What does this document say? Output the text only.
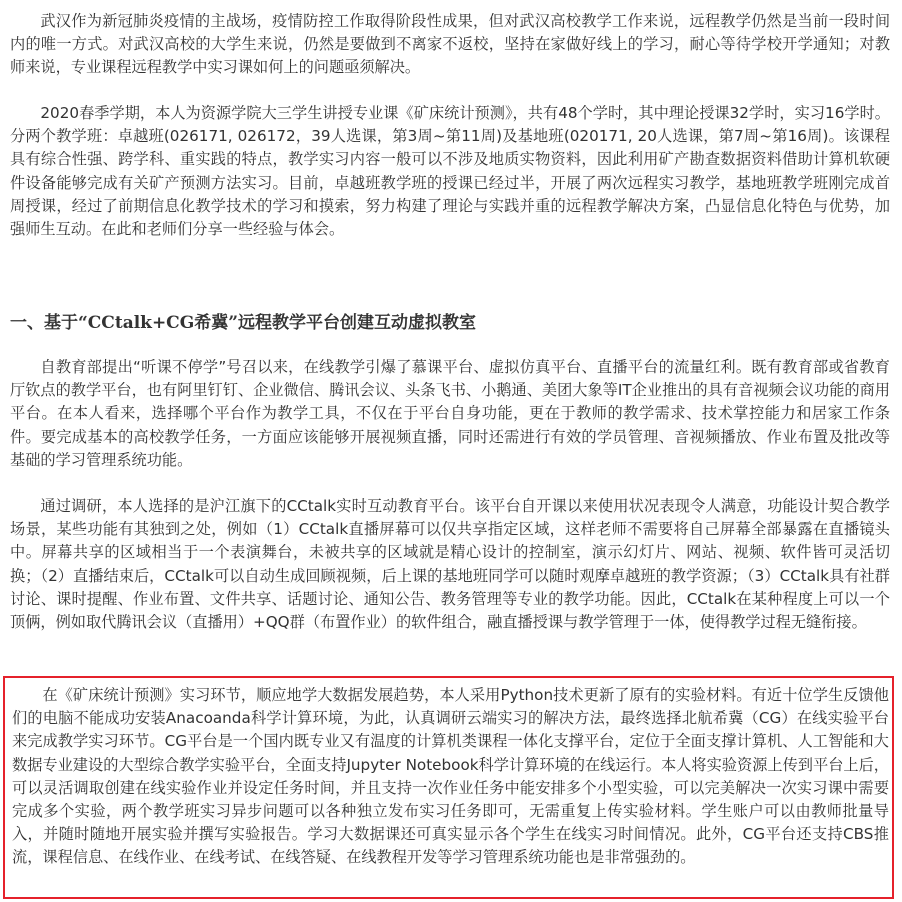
武汉作为新冠肺炎疫情的主战场，疫情防控工作取得阶段性成果，但对武汉高校教学工作来说，远程教学仍然是当前一段时间内的唯一方式。对武汉高校的大学生来说，仍然是要做到不离家不返校，坚持在家做好线上的学习，耐心等待学校开学通知；对教师来说，专业课程远程教学中实习课如何上的问题亟须解决。

2020春季学期，本人为资源学院大三学生讲授专业课《矿床统计预测》，共有48个学时，其中理论授课32学时，实习16学时。分两个教学班：卓越班(026171, 026172，39人选课，第3周~第11周)及基地班(020171, 20人选课，第7周~第16周)。该课程具有综合性强、跨学科、重实践的特点，教学实习内容一般可以不涉及地质实物资料，因此利用矿产勘查数据资料借助计算机软硬件设备能够完成有关矿产预测方法实习。目前，卓越班教学班的授课已经过半，开展了两次远程实习教学，基地班教学班刚完成首周授课，经过了前期信息化教学技术的学习和摸索，努力构建了理论与实践并重的远程教学解决方案，凸显信息化特色与优势，加强师生互动。在此和老师们分享一些经验与体会。

一、基于“CCtalk+CG希冀”远程教学平台创建互动虚拟教室

自教育部提出“听课不停学”号召以来，在线教学引爆了慕课平台、虚拟仿真平台、直播平台的流量红利。既有教育部或省教育厅钦点的教学平台，也有阿里钉钉、企业微信、腾讯会议、头条飞书、小鹅通、美团大象等IT企业推出的具有音视频会议功能的商用平台。在本人看来，选择哪个平台作为教学工具，不仅在于平台自身功能，更在于教师的教学需求、技术掌控能力和居家工作条件。要完成基本的高校教学任务，一方面应该能够开展视频直播，同时还需进行有效的学员管理、音视频播放、作业布置及批改等基础的学习管理系统功能。

通过调研，本人选择的是沪江旗下的CCtalk实时互动教育平台。该平台自开课以来使用状况表现令人满意，功能设计契合教学场景，某些功能有其独到之处，例如（1）CCtalk直播屏幕可以仅共享指定区域，这样老师不需要将自己屏幕全部暴露在直播镜头中。屏幕共享的区域相当于一个表演舞台，未被共享的区域就是精心设计的控制室，演示幻灯片、网站、视频、软件皆可灵活切换；（2）直播结束后，CCtalk可以自动生成回顾视频，后上课的基地班同学可以随时观摩卓越班的教学资源；（3）CCtalk具有社群讨论、课时提醒、作业布置、文件共享、话题讨论、通知公告、教务管理等专业的教学功能。因此，CCtalk在某种程度上可以一个顶俩，例如取代腾讯会议（直播用）+QQ群（布置作业）的软件组合，融直播授课与教学管理于一体，使得教学过程无缝衔接。

在《矿床统计预测》实习环节，顺应地学大数据发展趋势，本人采用Python技术更新了原有的实验材料。有近十位学生反馈他们的电脑不能成功安装Anacoanda科学计算环境，为此，认真调研云端实习的解决方法，最终选择北航希冀（CG）在线实验平台来完成教学实习环节。CG平台是一个国内既专业又有温度的计算机类课程一体化支撑平台，定位于全面支撑计算机、人工智能和大数据专业建设的大型综合教学实验平台，全面支持Jupyter Notebook科学计算环境的在线运行。本人将实验资源上传到平台上后，可以灵活调取创建在线实验作业并设定任务时间，并且支持一次作业任务中能安排多个小型实验，可以完美解决一次实习课中需要完成多个实验，两个教学班实习异步问题可以各种独立发布实习任务即可，无需重复上传实验材料。学生账户可以由教师批量导入，并随时随地开展实验并撰写实验报告。学习大数据课还可真实显示各个学生在线实习时间情况。此外，CG平台还支持CBS推流，课程信息、在线作业、在线考试、在线答疑、在线教程开发等学习管理系统功能也是非常强劲的。
